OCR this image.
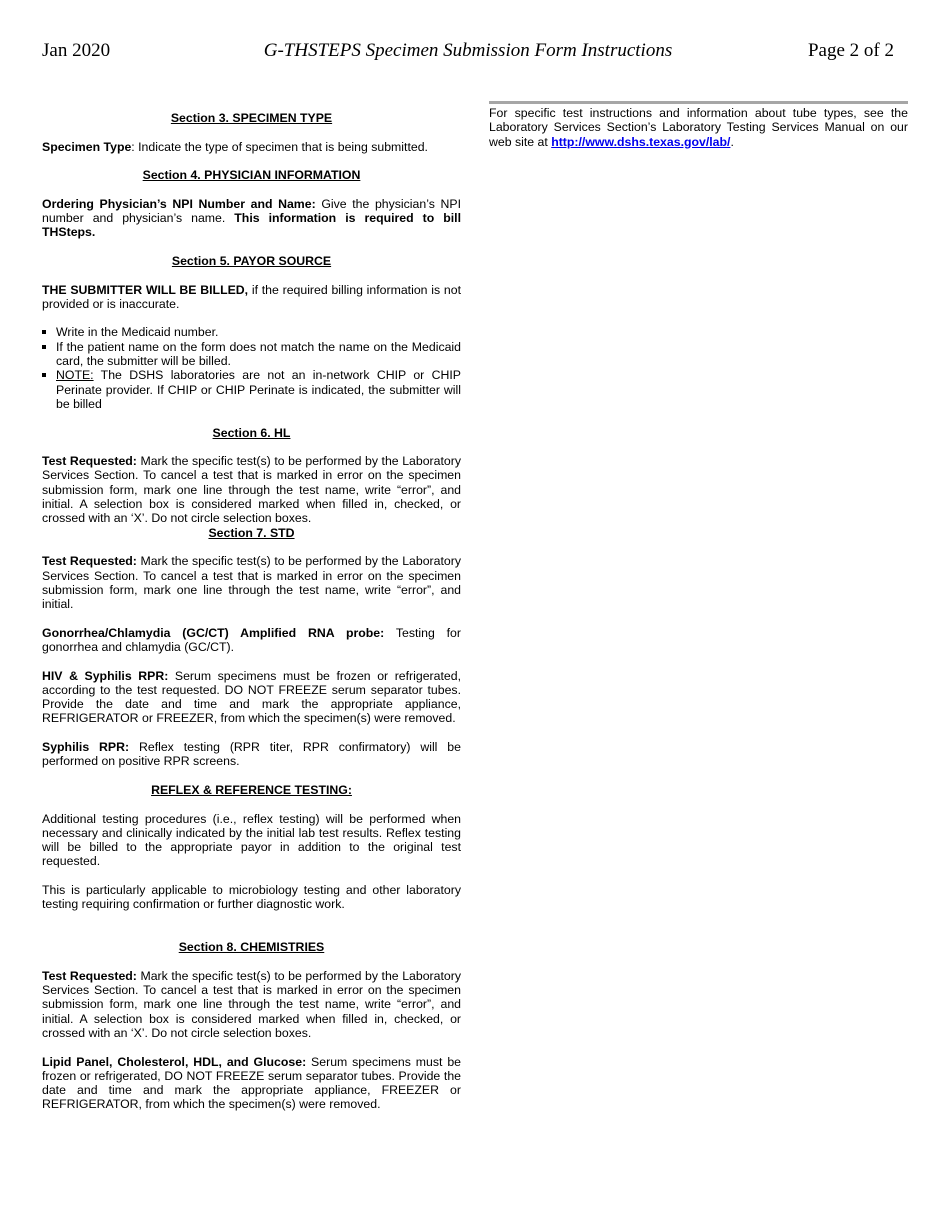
Jan 2020	G-THSTEPS Specimen Submission Form Instructions	Page 2 of 2
Section 3. SPECIMEN TYPE

Specimen Type: Indicate the type of specimen that is being submitted.

Section 4. PHYSICIAN INFORMATION

Ordering Physician’s NPI Number and Name: Give the physician’s NPI number and physician’s name. This information is required to bill THSteps.

Section 5. PAYOR SOURCE

THE SUBMITTER WILL BE BILLED, if the required billing information is not provided or is inaccurate.

Write in the Medicaid number.
If the patient name on the form does not match the name on the Medicaid card, the submitter will be billed.
NOTE: The DSHS laboratories are not an in-network CHIP or CHIP Perinate provider. If CHIP or CHIP Perinate is indicated, the submitter will be billed
Section 6. HL

Test Requested: Mark the specific test(s) to be performed by the Laboratory Services Section. To cancel a test that is marked in error on the specimen submission form, mark one line through the test name, write “error”, and initial. A selection box is considered marked when filled in, checked, or crossed with an ‘X’. Do not circle selection boxes.

Section 7. STD

Test Requested: Mark the specific test(s) to be performed by the Laboratory Services Section. To cancel a test that is marked in error on the specimen submission form, mark one line through the test name, write “error”, and initial.

Gonorrhea/Chlamydia (GC/CT) Amplified RNA probe: Testing for gonorrhea and chlamydia (GC/CT).

HIV & Syphilis RPR: Serum specimens must be frozen or refrigerated, according to the test requested. DO NOT FREEZE serum separator tubes. Provide the date and time and mark the appropriate appliance, REFRIGERATOR or FREEZER, from which the specimen(s) were removed.

Syphilis RPR: Reflex testing (RPR titer, RPR confirmatory) will be performed on positive RPR screens.

REFLEX & REFERENCE TESTING:

Additional testing procedures (i.e., reflex testing) will be performed when necessary and clinically indicated by the initial lab test results. Reflex testing will be billed to the appropriate payor in addition to the original test requested.

This is particularly applicable to microbiology testing and other laboratory testing requiring confirmation or further diagnostic work.

Section 8. CHEMISTRIES

Test Requested: Mark the specific test(s) to be performed by the Laboratory Services Section. To cancel a test that is marked in error on the specimen submission form, mark one line through the test name, write “error”, and initial. A selection box is considered marked when filled in, checked, or crossed with an ‘X’. Do not circle selection boxes.

Lipid Panel, Cholesterol, HDL, and Glucose: Serum specimens must be frozen or refrigerated, DO NOT FREEZE serum separator tubes. Provide the date and time and mark the appropriate appliance, FREEZER or REFRIGERATOR, from which the specimen(s) were removed.

For specific test instructions and information about tube types, see the Laboratory Services Section’s Laboratory Testing Services Manual on our web site at http://www.dshs.texas.gov/lab/.
